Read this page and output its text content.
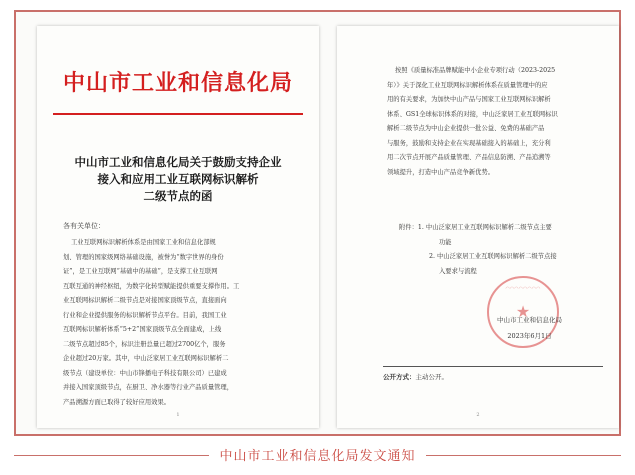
中山市工业和信息化局
中山市工业和信息化局关于鼓励支持企业
接入和应用工业互联网标识解析
二级节点的函
各有关单位：
工业互联网标识解析体系是由国家工业和信息化部规
划、管理的国家级网络基础设施，被誉为“数字世界的身份
证”，是工业互联网“基础中的基础”，是支撑工业互联网
互联互通的神经枢纽，为数字化转型赋能提供重要支撑作用。工
业互联网标识解析二级节点是对接国家顶级节点，直接面向
行业和企业提供服务的标识解析节点平台。目前，我国工业
互联网标识解析体系“5+2”国家顶级节点全面建成，上线
二级节点超过85个，标识注册总量已超过2700亿个，服务
企业超过20万家。其中，中山泛家居工业互联网标识解析二
级节点（建设单位：中山市锋播电子科技有限公司）已建成
并接入国家顶级节点，在厨卫、净水器等行业产品质量管理，
产品溯源方面已取得了较好应用效果。
1
按照《质量标准品牌赋能中小企业专项行动（2023-2025
年）》关于深化工业互联网标识解析体系在质量管理中的应
用的有关要求，为加快中山产品与国家工业互联网标识解析
体系、GS1全球标识体系的对接，中山泛家居工业互联网标识
解析二级节点为中山企业提供一批公益、免费的基础产品
与服务，鼓励和支持企业在实现基础接入的基础上，充分利
用二次节点开展产品质量管理、产品信息防溯、产品追溯等
领域提升，打造中山产品竞争新优势。
附件：1. 中山泛家居工业互联网标识解析二级节点主要
功能
2. 中山泛家居工业互联网标识解析二级节点接
入要求与流程
◠◠◠◠◠◠◠◠
★
中山市工业和信息化局
2023年6月1日
公开方式：主动公开。
2
中山市工业和信息化局发文通知
